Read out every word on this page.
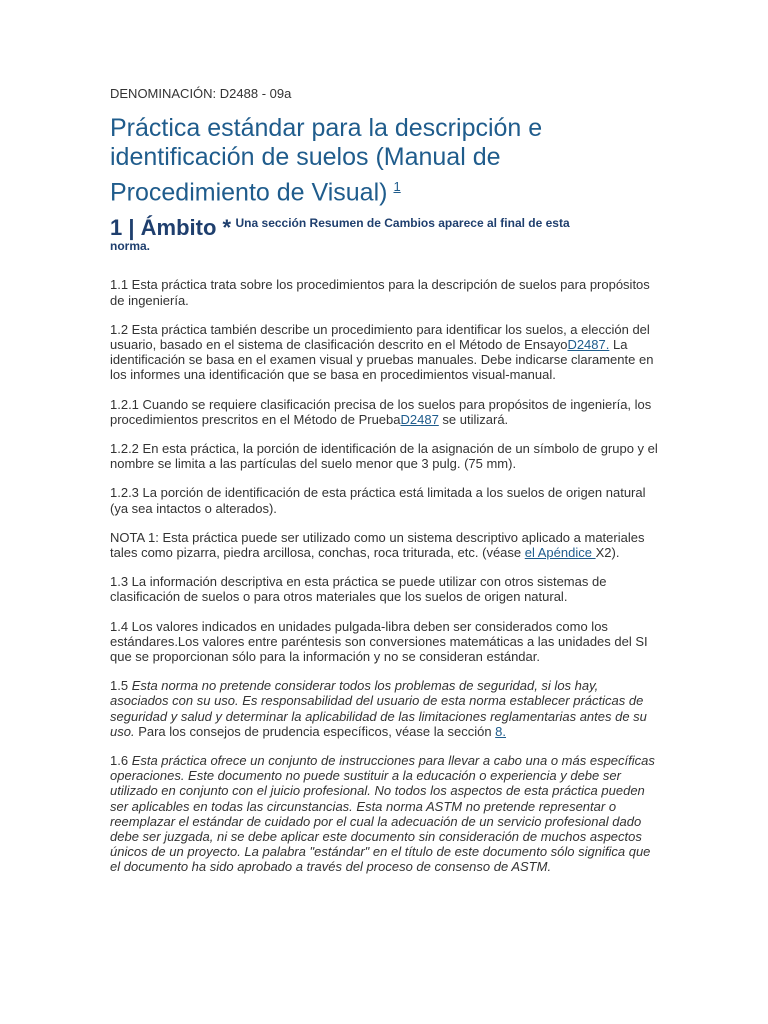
DENOMINACIÓN: D2488 - 09a
Práctica estándar para la descripción e identificación de suelos (Manual de Procedimiento de Visual) $^1$
1 | Ámbito * $^{Una sección Resumen de Cambios aparece al final de esta}$
norma.

1.1 Esta práctica trata sobre los procedimientos para la descripción de suelos para propósitos de ingeniería.

1.2 Esta práctica también describe un procedimiento para identificar los suelos, a elección del usuario, basado en el sistema de clasificación descrito en el Método de EnsayoD2487. La identificación se basa en el examen visual y pruebas manuales. Debe indicarse claramente en los informes una identificación que se basa en procedimientos visual-manual.

1.2.1 Cuando se requiere clasificación precisa de los suelos para propósitos de ingeniería, los procedimientos prescritos en el Método de PruebaD2487 se utilizará.

1.2.2 En esta práctica, la porción de identificación de la asignación de un símbolo de grupo y el nombre se limita a las partículas del suelo menor que 3 pulg. (75 mm).

1.2.3 La porción de identificación de esta práctica está limitada a los suelos de origen natural (ya sea intactos o alterados).

NOTA 1: Esta práctica puede ser utilizado como un sistema descriptivo aplicado a materiales tales como pizarra, piedra arcillosa, conchas, roca triturada, etc. (véase el Apéndice X2).

1.3 La información descriptiva en esta práctica se puede utilizar con otros sistemas de clasificación de suelos o para otros materiales que los suelos de origen natural.

1.4 Los valores indicados en unidades pulgada-libra deben ser considerados como los estándares.Los valores entre paréntesis son conversiones matemáticas a las unidades del SI que se proporcionan sólo para la información y no se consideran estándar.

1.5 Esta norma no pretende considerar todos los problemas de seguridad, si los hay, asociados con su uso. Es responsabilidad del usuario de esta norma establecer prácticas de seguridad y salud y determinar la aplicabilidad de las limitaciones reglamentarias antes de su uso. Para los consejos de prudencia específicos, véase la sección 8.

1.6 Esta práctica ofrece un conjunto de instrucciones para llevar a cabo una o más específicas operaciones. Este documento no puede sustituir a la educación o experiencia y debe ser utilizado en conjunto con el juicio profesional. No todos los aspectos de esta práctica pueden ser aplicables en todas las circunstancias. Esta norma ASTM no pretende representar o reemplazar el estándar de cuidado por el cual la adecuación de un servicio profesional dado debe ser juzgada, ni se debe aplicar este documento sin consideración de muchos aspectos únicos de un proyecto. La palabra "estándar" en el título de este documento sólo significa que el documento ha sido aprobado a través del proceso de consenso de ASTM.
